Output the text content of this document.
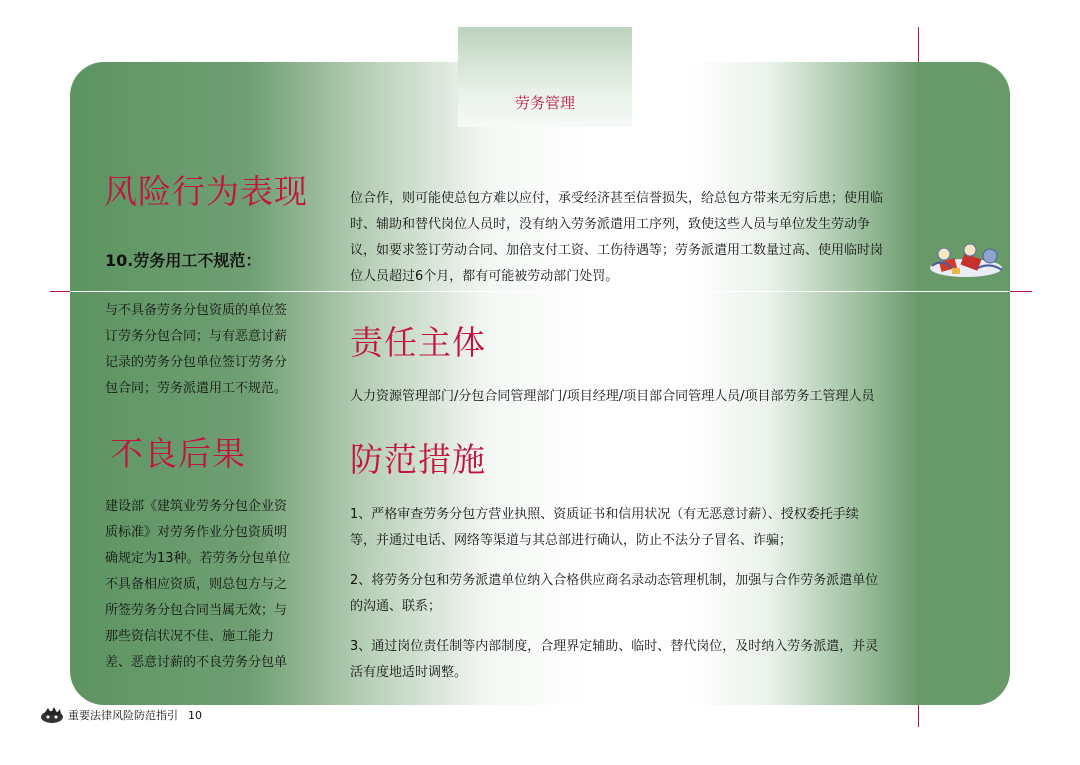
劳务管理
风险行为表现
10.劳务用工不规范：
与不具备劳务分包资质的单位签
订劳务分包合同；与有恶意讨薪
记录的劳务分包单位签订劳务分
包合同；劳务派遣用工不规范。
不良后果
建设部《建筑业劳务分包企业资
质标准》对劳务作业分包资质明
确规定为13种。若劳务分包单位
不具备相应资质，则总包方与之
所签劳务分包合同当属无效；与
那些资信状况不佳、施工能力
差、恶意讨薪的不良劳务分包单
位合作，则可能使总包方难以应付，承受经济甚至信誉损失，给总包方带来无穷后患；使用临
时、辅助和替代岗位人员时，没有纳入劳务派遣用工序列，致使这些人员与单位发生劳动争
议，如要求签订劳动合同、加倍支付工资、工伤待遇等；劳务派遣用工数量过高、使用临时岗
位人员超过6个月，都有可能被劳动部门处罚。
责任主体
人力资源管理部门/分包合同管理部门/项目经理/项目部合同管理人员/项目部劳务工管理人员
防范措施
1、严格审查劳务分包方营业执照、资质证书和信用状况（有无恶意讨薪）、授权委托手续
等，并通过电话、网络等渠道与其总部进行确认，防止不法分子冒名、诈骗；
2、将劳务分包和劳务派遣单位纳入合格供应商名录动态管理机制，加强与合作劳务派遣单位
的沟通、联系；
3、通过岗位责任制等内部制度，合理界定辅助、临时、替代岗位，及时纳入劳务派遣，并灵
活有度地适时调整。
重要法律风险防范指引 10
